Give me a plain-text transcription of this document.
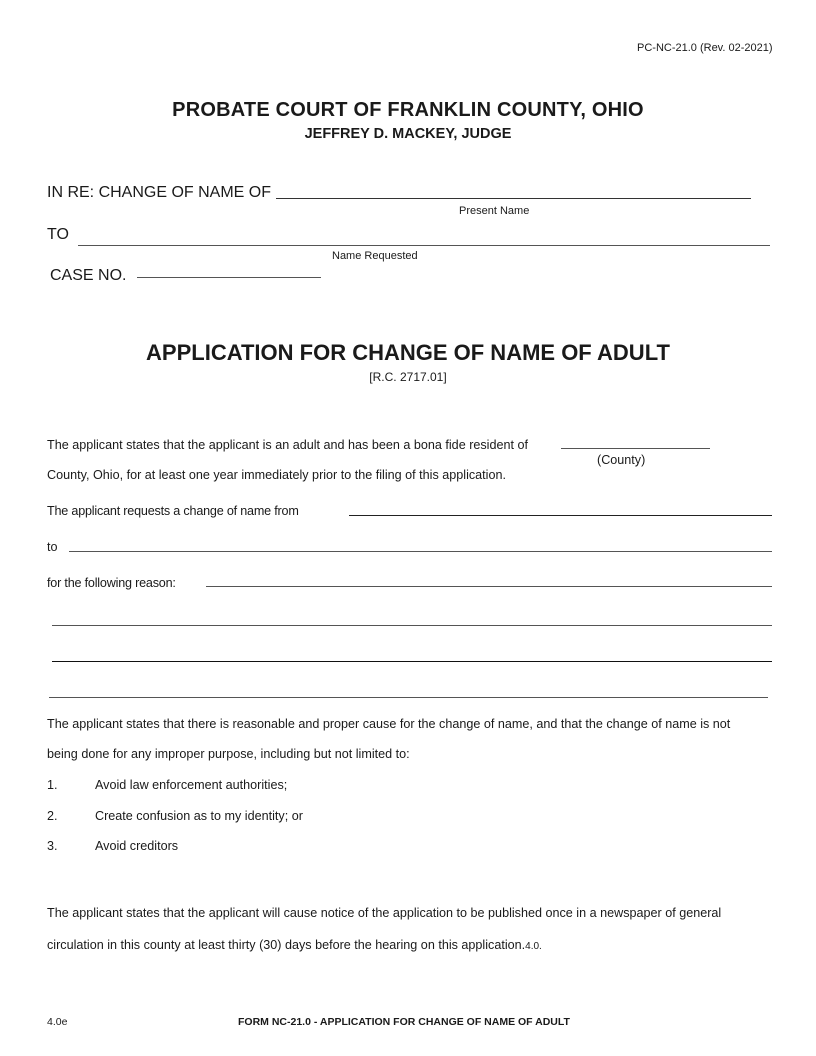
PC-NC-21.0 (Rev. 02-2021)
PROBATE COURT OF FRANKLIN COUNTY, OHIO
JEFFREY D. MACKEY, JUDGE
IN RE: CHANGE OF NAME OF
Present Name
TO
Name Requested
CASE NO.
APPLICATION FOR CHANGE OF NAME OF ADULT
[R.C. 2717.01]
The applicant states that the applicant is an adult and has been a bona fide resident of
(County)
County, Ohio, for at least one year immediately prior to the filing of this application.
The applicant requests a change of name from
to
for the following reason:
The applicant states that there is reasonable and proper cause for the change of name, and that the change of name is not
being done for any improper purpose, including but not limited to:
1.	Avoid law enforcement authorities;
2.	Create confusion as to my identity; or
3.	Avoid creditors
The applicant states that the applicant will cause notice of the application to be published once in a newspaper of general
circulation in this county at least thirty (30) days before the hearing on this application.4.0.
4.0e	FORM NC-21.0 - APPLICATION FOR CHANGE OF NAME OF ADULT
